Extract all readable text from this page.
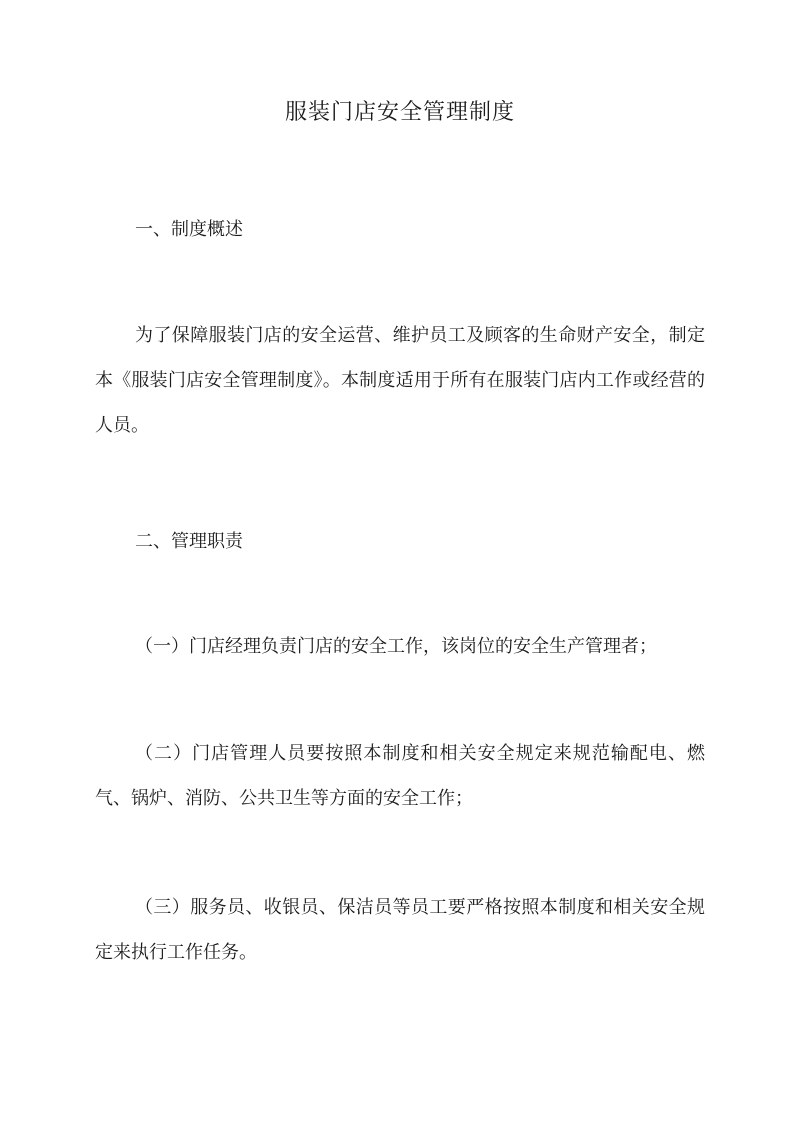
服装门店安全管理制度

一、制度概述

为了保障服装门店的安全运营、维护员工及顾客的生命财产安全，制定本《服装门店安全管理制度》。本制度适用于所有在服装门店内工作或经营的人员。

二、管理职责

（一）门店经理负责门店的安全工作，该岗位的安全生产管理者；

（二）门店管理人员要按照本制度和相关安全规定来规范输配电、燃气、锅炉、消防、公共卫生等方面的安全工作；

（三）服务员、收银员、保洁员等员工要严格按照本制度和相关安全规定来执行工作任务。
